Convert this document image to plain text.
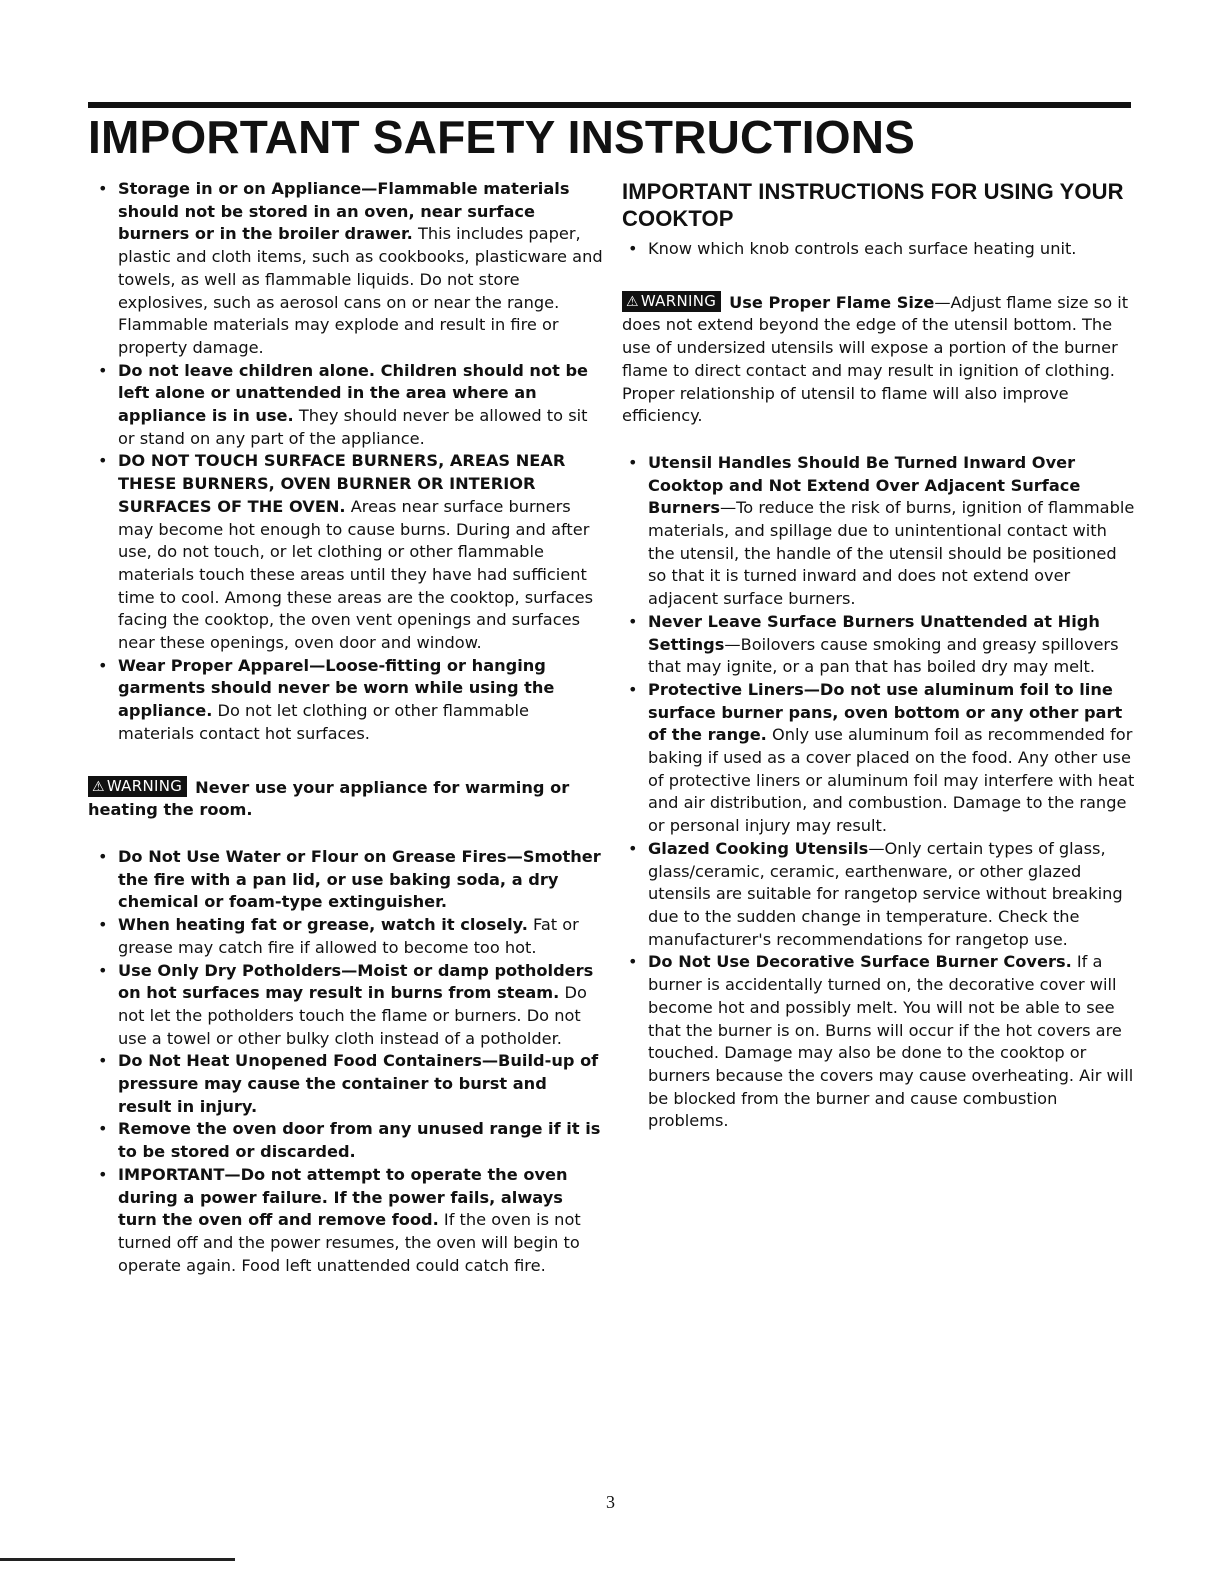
IMPORTANT SAFETY INSTRUCTIONS
• Storage in or on Appliance—Flammable materials should not be stored in an oven, near surface burners or in the broiler drawer. This includes paper, plastic and cloth items, such as cookbooks, plasticware and towels, as well as flammable liquids. Do not store explosives, such as aerosol cans on or near the range. Flammable materials may explode and result in fire or property damage.
• Do not leave children alone. Children should not be left alone or unattended in the area where an appliance is in use. They should never be allowed to sit or stand on any part of the appliance.
• DO NOT TOUCH SURFACE BURNERS, AREAS NEAR THESE BURNERS, OVEN BURNER OR INTERIOR SURFACES OF THE OVEN. Areas near surface burners may become hot enough to cause burns. During and after use, do not touch, or let clothing or other flammable materials touch these areas until they have had sufficient time to cool. Among these areas are the cooktop, surfaces facing the cooktop, the oven vent openings and surfaces near these openings, oven door and window.
• Wear Proper Apparel—Loose-fitting or hanging garments should never be worn while using the appliance. Do not let clothing or other flammable materials contact hot surfaces.

⚠ WARNING Never use your appliance for warming or heating the room.

• Do Not Use Water or Flour on Grease Fires—Smother the fire with a pan lid, or use baking soda, a dry chemical or foam-type extinguisher.
• When heating fat or grease, watch it closely. Fat or grease may catch fire if allowed to become too hot.
• Use Only Dry Potholders—Moist or damp potholders on hot surfaces may result in burns from steam. Do not let the potholders touch the flame or burners. Do not use a towel or other bulky cloth instead of a potholder.
• Do Not Heat Unopened Food Containers—Build-up of pressure may cause the container to burst and result in injury.
• Remove the oven door from any unused range if it is to be stored or discarded.
• IMPORTANT—Do not attempt to operate the oven during a power failure. If the power fails, always turn the oven off and remove food. If the oven is not turned off and the power resumes, the oven will begin to operate again. Food left unattended could catch fire.
IMPORTANT INSTRUCTIONS FOR USING YOUR COOKTOP
• Know which knob controls each surface heating unit.

⚠ WARNING Use Proper Flame Size—Adjust flame size so it does not extend beyond the edge of the utensil bottom. The use of undersized utensils will expose a portion of the burner flame to direct contact and may result in ignition of clothing. Proper relationship of utensil to flame will also improve efficiency.

• Utensil Handles Should Be Turned Inward Over Cooktop and Not Extend Over Adjacent Surface Burners—To reduce the risk of burns, ignition of flammable materials, and spillage due to unintentional contact with the utensil, the handle of the utensil should be positioned so that it is turned inward and does not extend over adjacent surface burners.
• Never Leave Surface Burners Unattended at High Settings—Boilovers cause smoking and greasy spillovers that may ignite, or a pan that has boiled dry may melt.
• Protective Liners—Do not use aluminum foil to line surface burner pans, oven bottom or any other part of the range. Only use aluminum foil as recommended for baking if used as a cover placed on the food. Any other use of protective liners or aluminum foil may interfere with heat and air distribution, and combustion. Damage to the range or personal injury may result.
• Glazed Cooking Utensils—Only certain types of glass, glass/ceramic, ceramic, earthenware, or other glazed utensils are suitable for rangetop service without breaking due to the sudden change in temperature. Check the manufacturer's recommendations for rangetop use.
• Do Not Use Decorative Surface Burner Covers. If a burner is accidentally turned on, the decorative cover will become hot and possibly melt. You will not be able to see that the burner is on. Burns will occur if the hot covers are touched. Damage may also be done to the cooktop or burners because the covers may cause overheating. Air will be blocked from the burner and cause combustion problems.
3
